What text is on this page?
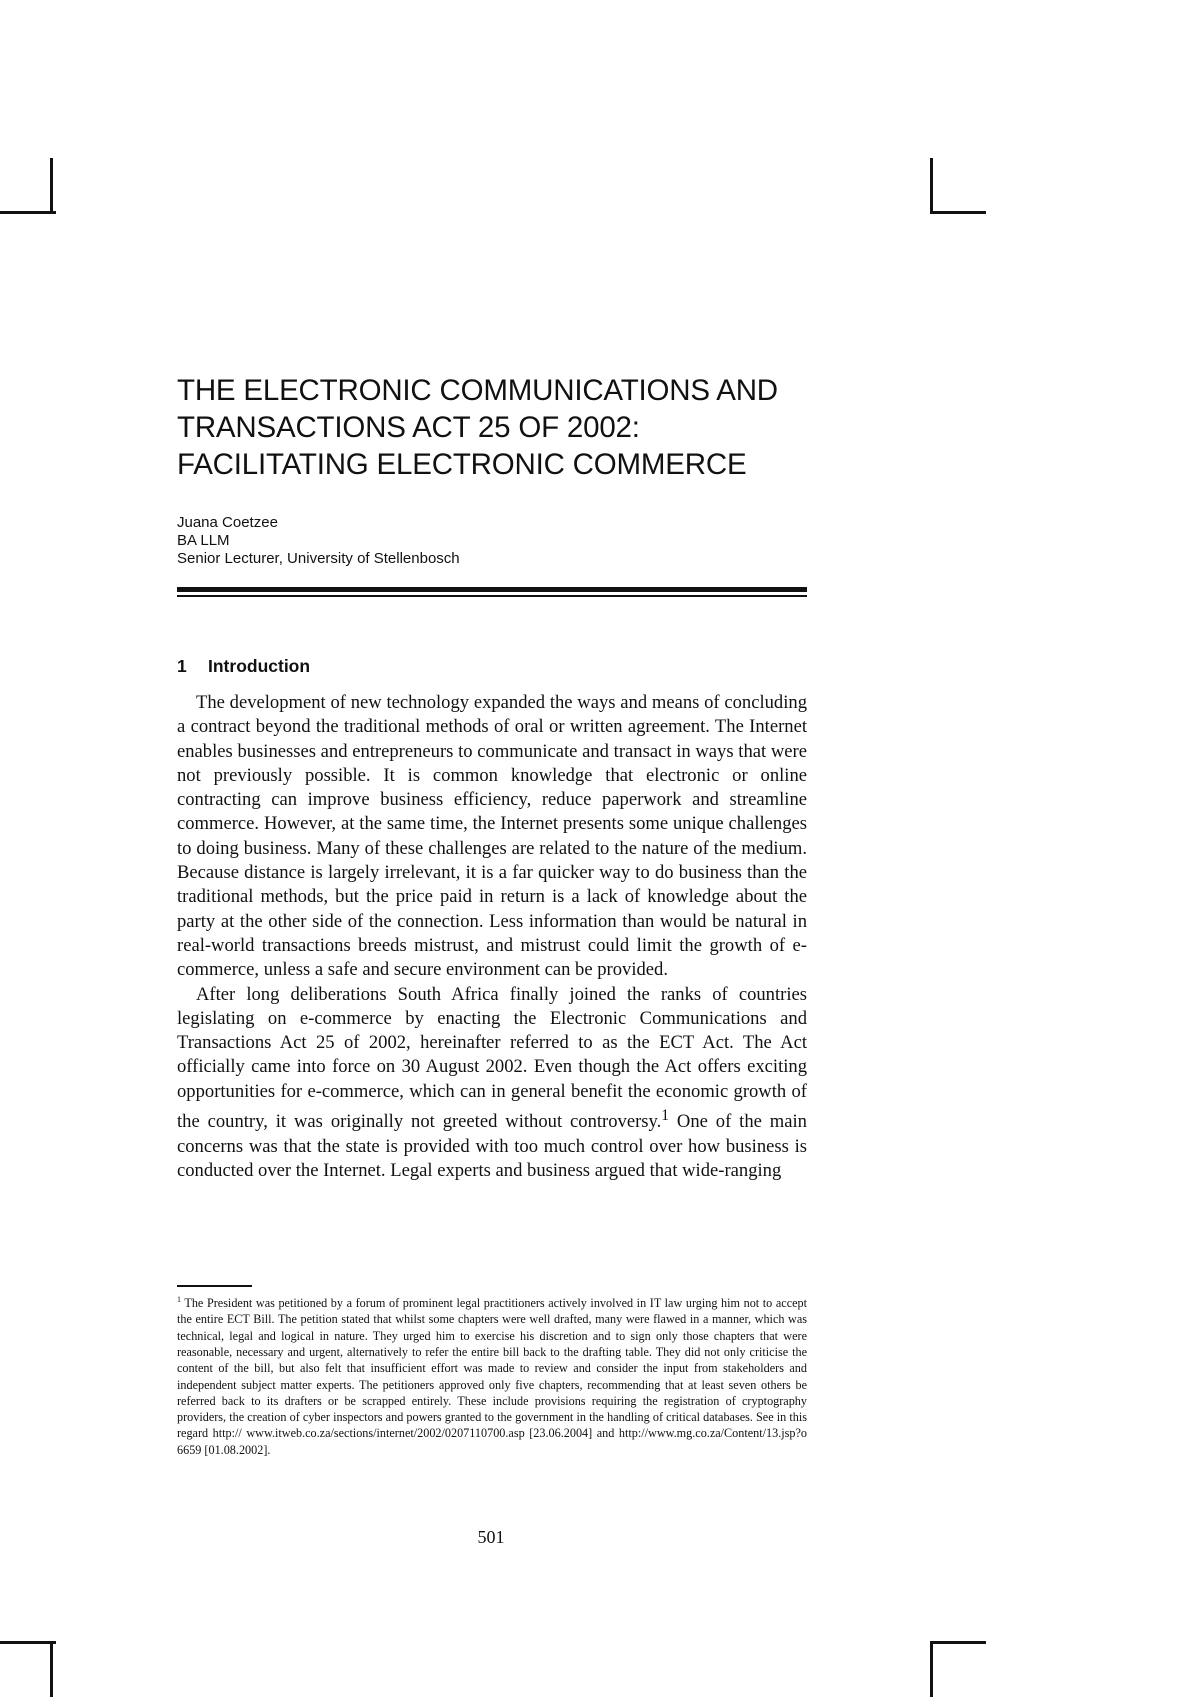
THE ELECTRONIC COMMUNICATIONS AND
TRANSACTIONS ACT 25 OF 2002:
FACILITATING ELECTRONIC COMMERCE
Juana Coetzee
BA LLM
Senior Lecturer, University of Stellenbosch
1 Introduction

The development of new technology expanded the ways and means of concluding a contract beyond the traditional methods of oral or written agreement. The Internet enables businesses and entrepreneurs to communicate and transact in ways that were not previously possible. It is common knowledge that electronic or online contracting can improve business efficiency, reduce paperwork and streamline commerce. However, at the same time, the Internet presents some unique challenges to doing business. Many of these challenges are related to the nature of the medium. Because distance is largely irrelevant, it is a far quicker way to do business than the traditional methods, but the price paid in return is a lack of knowledge about the party at the other side of the connection. Less information than would be natural in real-world transactions breeds mistrust, and mistrust could limit the growth of e-commerce, unless a safe and secure environment can be provided.

After long deliberations South Africa finally joined the ranks of countries legislating on e-commerce by enacting the Electronic Communications and Transactions Act 25 of 2002, hereinafter referred to as the ECT Act. The Act officially came into force on 30 August 2002. Even though the Act offers exciting opportunities for e-commerce, which can in general benefit the economic growth of the country, it was originally not greeted without controversy.$^1$ One of the main concerns was that the state is provided with too much control over how business is conducted over the Internet. Legal experts and business argued that wide-ranging

$^1$ The President was petitioned by a forum of prominent legal practitioners actively involved in IT law urging him not to accept the entire ECT Bill. The petition stated that whilst some chapters were well drafted, many were flawed in a manner, which was technical, legal and logical in nature. They urged him to exercise his discretion and to sign only those chapters that were reasonable, necessary and urgent, alternatively to refer the entire bill back to the drafting table. They did not only criticise the content of the bill, but also felt that insufficient effort was made to review and consider the input from stakeholders and independent subject matter experts. The petitioners approved only five chapters, recommending that at least seven others be referred back to its drafters or be scrapped entirely. These include provisions requiring the registration of cryptography providers, the creation of cyber inspectors and powers granted to the government in the handling of critical databases. See in this regard http:// www.itweb.co.za/sections/internet/2002/0207110700.asp [23.06.2004] and http://www.mg.co.za/Content/13.jsp?o 6659 [01.08.2002].
501
